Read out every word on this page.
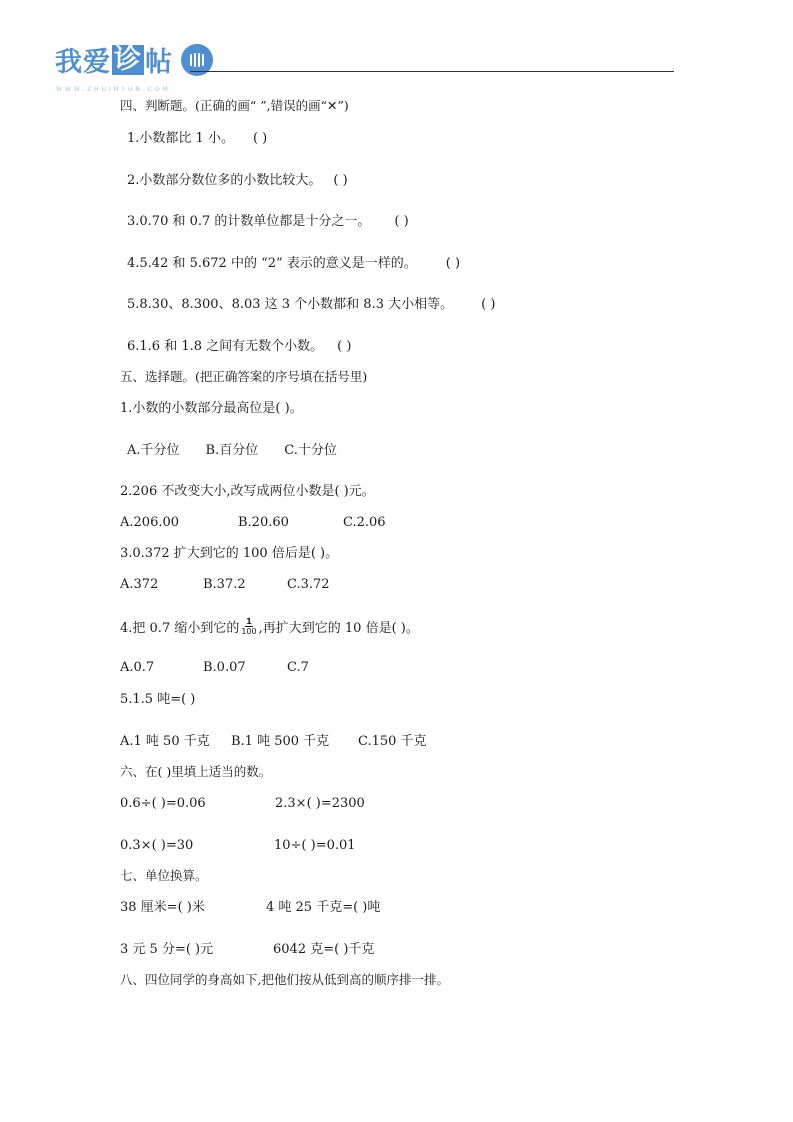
我爱 诊 帖
WWW.ZHUINYUN.COM
四、判断题。(正确的画“ ”,错误的画“✕”)
1.小数都比 1 小。 ( )
2.小数部分数位多的小数比较大。 ( )
3.0.70 和 0.7 的计数单位都是十分之一。 ( )
4.5.42 和 5.672 中的 “2” 表示的意义是一样的。 ( )
5.8.30、8.300、8.03 这 3 个小数都和 8.3 大小相等。 ( )
6.1.6 和 1.8 之间有无数个小数。 ( )
五、选择题。(把正确答案的序号填在括号里)
1.小数的小数部分最高位是( )。
A.千分位 B.百分位 C.十分位
2.206 不改变大小,改写成两位小数是( )元。
A.206.00	B.20.60	C.2.06
3.0.372 扩大到它的 100 倍后是( )。
A.372	B.37.2	C.3.72
4.把 0.7 缩小到它的 $\frac{1}{100}$ ,再扩大到它的 10 倍是( )。
A.0.7	B.0.07	C.7
5.1.5 吨=( )
A.1 吨 50 千克 B.1 吨 500 千克 C.150 千克
六、在( )里填上适当的数。
0.6÷( )=0.06	2.3×( )=2300
0.3×( )=30	10÷( )=0.01
七、单位换算。
38 厘米=( )米	4 吨 25 千克=( )吨
3 元 5 分=( )元	6042 克=( )千克
八、四位同学的身高如下,把他们按从低到高的顺序排一排。
